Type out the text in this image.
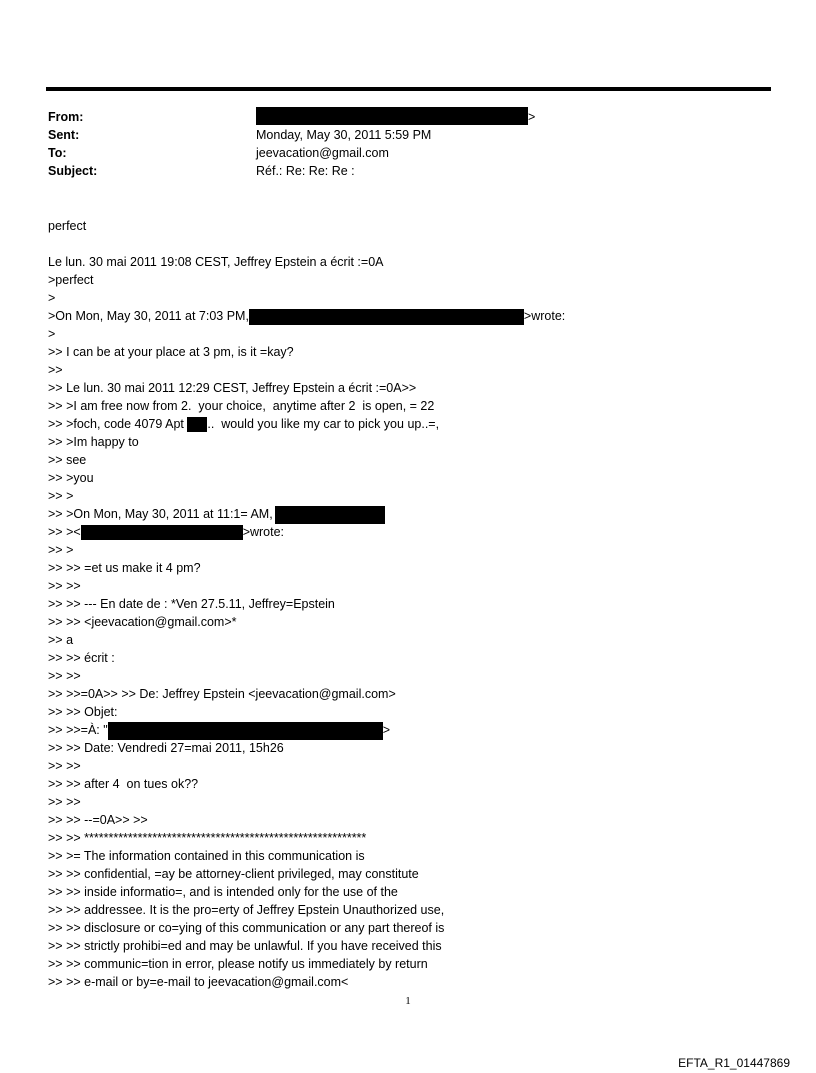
From:	>
Sent:	Monday, May 30, 2011 5:59 PM
To:	jeevacation@gmail.com
Subject:	Réf.: Re: Re: Re :
perfect
Le lun. 30 mai 2011 19:08 CEST, Jeffrey Epstein a écrit :=0A
>perfect
>
>On Mon, May 30, 2011 at 7:03 PM,	>wrote:
>
>> I can be at your place at 3 pm, is it =kay?
>>
>> Le lun. 30 mai 2011 12:29 CEST, Jeffrey Epstein a écrit :=0A>>
>> >I am free now from 2.  your choice,  anytime after 2  is open, = 22
>> >foch, code 4079 Apt ..  would you like my car to pick you up..=,
>> >Im happy to
>> see
>> >you
>> >
>> >On Mon, May 30, 2011 at 11:1= AM,
>> ><	>wrote:
>> >
>> >> =et us make it 4 pm?
>> >>
>> >> --- En date de : *Ven 27.5.11, Jeffrey=Epstein
>> >> <jeevacation@gmail.com>*
>> a
>> >> écrit :
>> >>
>> >>=0A>> >> De: Jeffrey Epstein <jeevacation@gmail.com>
>> >> Objet:
>> >>=À: "	>
>> >> Date: Vendredi 27=mai 2011, 15h26
>> >>
>> >> after 4  on tues ok??
>> >>
>> >> --=0A>> >>
>> >> **********************************************************
>> >= The information contained in this communication is
>> >> confidential, =ay be attorney-client privileged, may constitute
>> >> inside informatio=, and is intended only for the use of the
>> >> addressee. It is the pro=erty of Jeffrey Epstein Unauthorized use,
>> >> disclosure or co=ying of this communication or any part thereof is
>> >> strictly prohibi=ed and may be unlawful. If you have received this
>> >> communic=tion in error, please notify us immediately by return
>> >> e-mail or by=e-mail to jeevacation@gmail.com<
1
EFTA_R1_01447869
